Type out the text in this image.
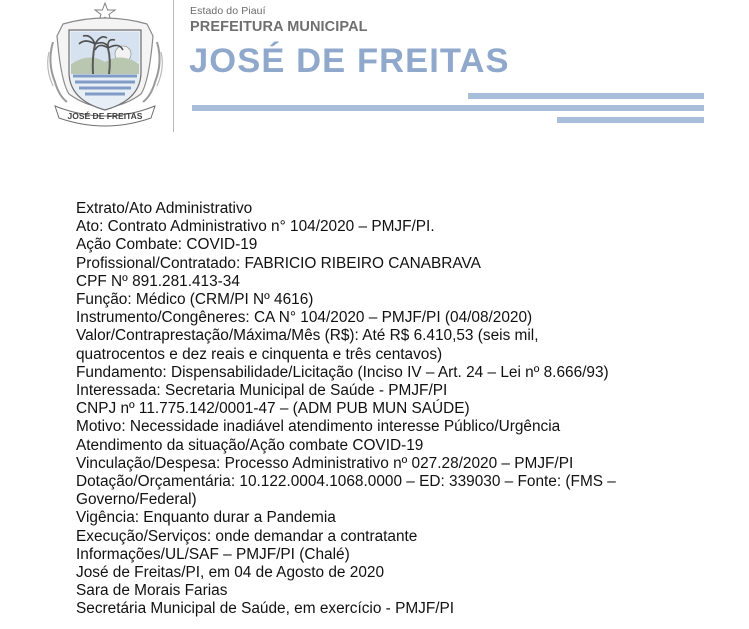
JOSÉ DE FREITAS
Estado do Piauí
PREFEITURA MUNICIPAL
JOSÉ DE FREITAS
Extrato/Ato Administrativo
Ato: Contrato Administrativo n° 104/2020 – PMJF/PI.
Ação Combate: COVID-19
Profissional/Contratado: FABRICIO RIBEIRO CANABRAVA
CPF Nº 891.281.413-34
Função: Médico (CRM/PI Nº 4616)
Instrumento/Congêneres: CA N° 104/2020 – PMJF/PI (04/08/2020)
Valor/Contraprestação/Máxima/Mês (R$): Até R$ 6.410,53 (seis mil,
quatrocentos e dez reais e cinquenta e três centavos)
Fundamento: Dispensabilidade/Licitação (Inciso IV – Art. 24 – Lei nº 8.666/93)
Interessada: Secretaria Municipal de Saúde - PMJF/PI
CNPJ nº 11.775.142/0001-47 – (ADM PUB MUN SAÚDE)
Motivo: Necessidade inadiável atendimento interesse Público/Urgência
Atendimento da situação/Ação combate COVID-19
Vinculação/Despesa: Processo Administrativo nº 027.28/2020 – PMJF/PI
Dotação/Orçamentária: 10.122.0004.1068.0000 – ED: 339030 – Fonte: (FMS –
Governo/Federal)
Vigência: Enquanto durar a Pandemia
Execução/Serviços: onde demandar a contratante
Informações/UL/SAF – PMJF/PI (Chalé)
José de Freitas/PI, em 04 de Agosto de 2020
Sara de Morais Farias
Secretária Municipal de Saúde, em exercício - PMJF/PI
